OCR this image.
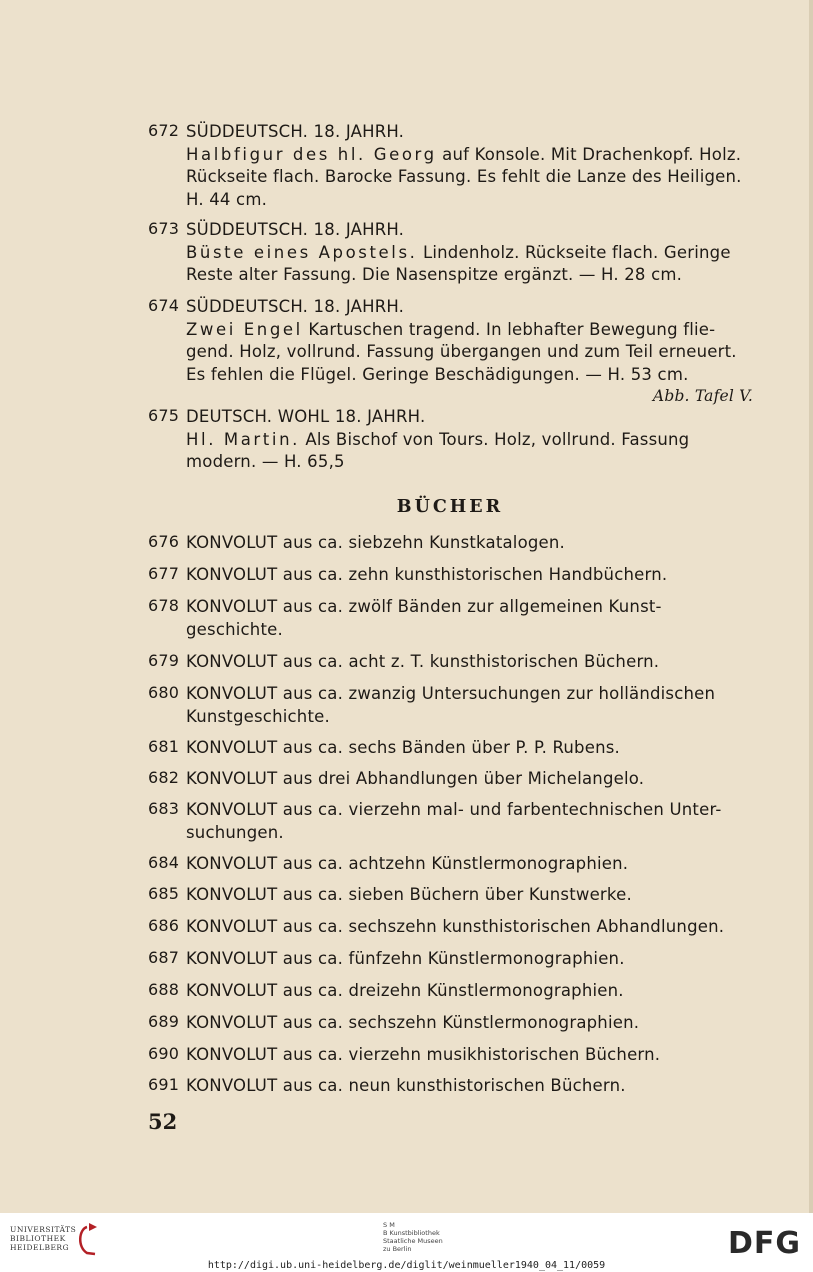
672 SÜDDEUTSCH. 18. JAHRH.
Halbfigur des hl. Georg auf Konsole. Mit Drachenkopf. Holz.
Rückseite flach. Barocke Fassung. Es fehlt die Lanze des Heiligen.
H. 44 cm.
673 SÜDDEUTSCH. 18. JAHRH.
Büste eines Apostels. Lindenholz. Rückseite flach. Geringe
Reste alter Fassung. Die Nasenspitze ergänzt. — H. 28 cm.
674 SÜDDEUTSCH. 18. JAHRH.
Zwei Engel Kartuschen tragend. In lebhafter Bewegung flie-
gend. Holz, vollrund. Fassung übergangen und zum Teil erneuert.
Es fehlen die Flügel. Geringe Beschädigungen. — H. 53 cm.
Abb. Tafel V.
675 DEUTSCH. WOHL 18. JAHRH.
Hl. Martin. Als Bischof von Tours. Holz, vollrund. Fassung
modern. — H. 65,5
BÜCHER
676 KONVOLUT aus ca. siebzehn Kunstkatalogen.
677 KONVOLUT aus ca. zehn kunsthistorischen Handbüchern.
678 KONVOLUT aus ca. zwölf Bänden zur allgemeinen Kunst-
geschichte.
679 KONVOLUT aus ca. acht z. T. kunsthistorischen Büchern.
680 KONVOLUT aus ca. zwanzig Untersuchungen zur holländischen
Kunstgeschichte.
681 KONVOLUT aus ca. sechs Bänden über P. P. Rubens.
682 KONVOLUT aus drei Abhandlungen über Michelangelo.
683 KONVOLUT aus ca. vierzehn mal- und farbentechnischen Unter-
suchungen.
684 KONVOLUT aus ca. achtzehn Künstlermonographien.
685 KONVOLUT aus ca. sieben Büchern über Kunstwerke.
686 KONVOLUT aus ca. sechszehn kunsthistorischen Abhandlungen.
687 KONVOLUT aus ca. fünfzehn Künstlermonographien.
688 KONVOLUT aus ca. dreizehn Künstlermonographien.
689 KONVOLUT aus ca. sechszehn Künstlermonographien.
690 KONVOLUT aus ca. vierzehn musikhistorischen Büchern.
691 KONVOLUT aus ca. neun kunsthistorischen Büchern.
52
UNIVERSITÄTS
BIBLIOTHEK
HEIDELBERG
S M
B Kunstbibliothek
Staatliche Museen
zu Berlin	DFG
http://digi.ub.uni-heidelberg.de/diglit/weinmueller1940_04_11/0059
